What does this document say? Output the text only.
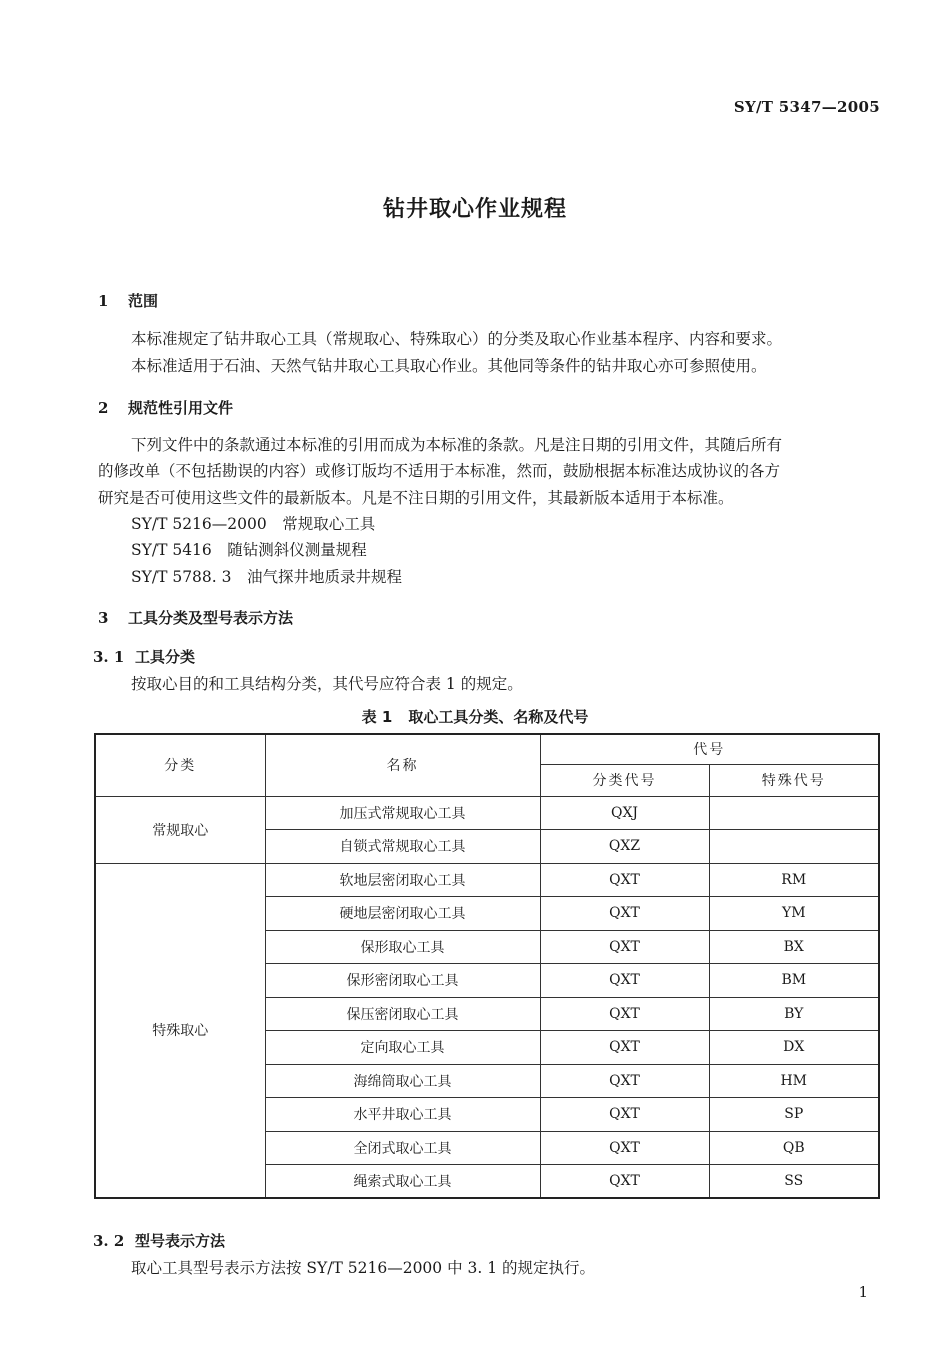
SY/T 5347—2005
钻井取心作业规程
1 范围
本标准规定了钻井取心工具（常规取心、特殊取心）的分类及取心作业基本程序、内容和要求。
本标准适用于石油、天然气钻井取心工具取心作业。其他同等条件的钻井取心亦可参照使用。
2 规范性引用文件
下列文件中的条款通过本标准的引用而成为本标准的条款。凡是注日期的引用文件，其随后所有
的修改单（不包括勘误的内容）或修订版均不适用于本标准，然而，鼓励根据本标准达成协议的各方
研究是否可使用这些文件的最新版本。凡是不注日期的引用文件，其最新版本适用于本标准。
SY/T 5216—2000　常规取心工具
SY/T 5416　随钻测斜仪测量规程
SY/T 5788. 3　油气探井地质录井规程
3 工具分类及型号表示方法
3. 1 工具分类
按取心目的和工具结构分类，其代号应符合表 1 的规定。
表 1 取心工具分类、名称及代号
分类	名称	代号	
		分类代号	特殊代号
常规取心	加压式常规取心工具	QXJ	
	自锁式常规取心工具	QXZ	
特殊取心	软地层密闭取心工具	QXT	RM
	硬地层密闭取心工具	QXT	YM
	保形取心工具	QXT	BX
	保形密闭取心工具	QXT	BM
	保压密闭取心工具	QXT	BY
	定向取心工具	QXT	DX
	海绵筒取心工具	QXT	HM
	水平井取心工具	QXT	SP
	全闭式取心工具	QXT	QB
	绳索式取心工具	QXT	SS
3. 2 型号表示方法
取心工具型号表示方法按 SY/T 5216—2000 中 3. 1 的规定执行。
1
